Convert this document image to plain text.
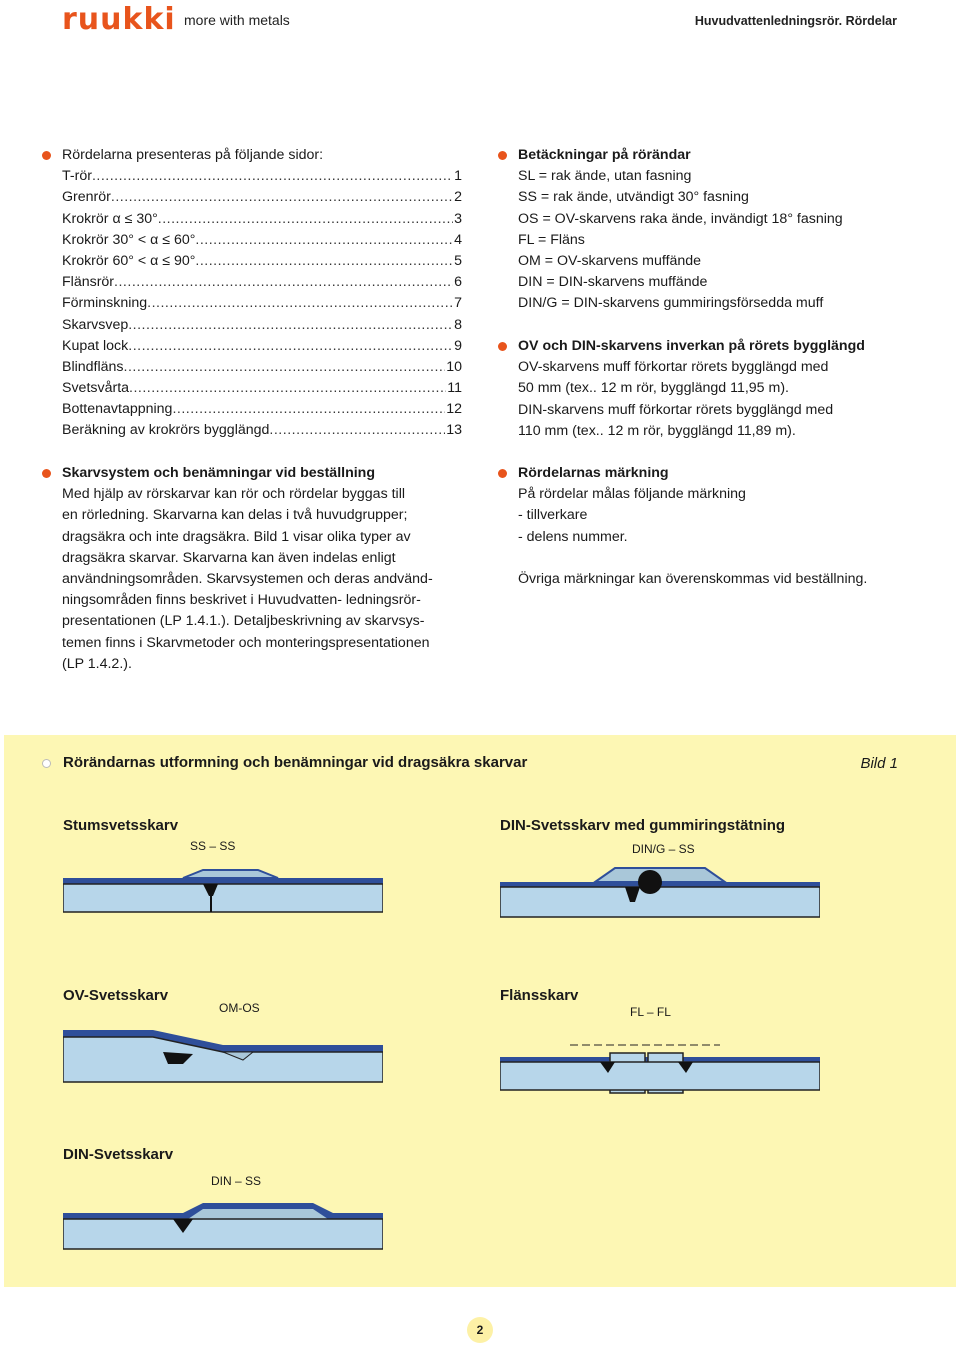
ruukki more with metals	Huvudvattenledningsrör. Rördelar
Rördelarna presenteras på följande sidor:
T-rör .....	1
Grenrör .....	2
Krokrör α ≤ 30° .....	3
Krokrör 30° < α ≤ 60° .....	4
Krokrör 60° < α ≤ 90° .....	5
Flänsrör .....	6
Förminskning .....	7
Skarvsvep .....	8
Kupat lock .....	9
Blindfläns .....	10
Svetsvårta .....	11
Bottenavtappning .....	12
Beräkning av krokrörs bygglängd .....	13
Skarvsystem och benämningar vid beställning
Med hjälp av rörskarvar kan rör och rördelar byggas till
en rörledning. Skarvarna kan delas i två huvudgrupper;
dragsäkra och inte dragsäkra. Bild 1 visar olika typer av
dragsäkra skarvar. Skarvarna kan även indelas enligt
användningsområden. Skarvsystemen och deras andvänd-
ningsområden finns beskrivet i Huvudvatten- ledningsrör-
presentationen (LP 1.4.1.). Detaljbeskrivning av skarvsys-
temen finns i Skarvmetoder och monteringspresentationen
(LP 1.4.2.).
Betäckningar på rörändar
SL = rak ände, utan fasning
SS = rak ände, utvändigt 30° fasning
OS = OV-skarvens raka ände, invändigt 18° fasning
FL = Fläns
OM = OV-skarvens muffände
DIN = DIN-skarvens muffände
DIN/G = DIN-skarvens gummiringsförsedda muff
OV och DIN-skarvens inverkan på rörets bygglängd
OV-skarvens muff förkortar rörets bygglängd med
50 mm (tex.. 12 m rör, bygglängd 11,95 m).
DIN-skarvens muff förkortar rörets bygglängd med
110 mm (tex.. 12 m rör, bygglängd 11,89 m).
Rördelarnas märkning
På rördelar målas följande märkning
- tillverkare
- delens nummer.
Övriga märkningar kan överenskommas vid beställning.
Rörändarnas utformning och benämningar vid dragsäkra skarvar	Bild 1
Stumsvetsskarv
SS – SS
DIN-Svetsskarv med gummiringstätning
DIN/G – SS
OV-Svetsskarv
OM-OS
Flänsskarv
FL – FL
DIN-Svetsskarv
DIN – SS
2
